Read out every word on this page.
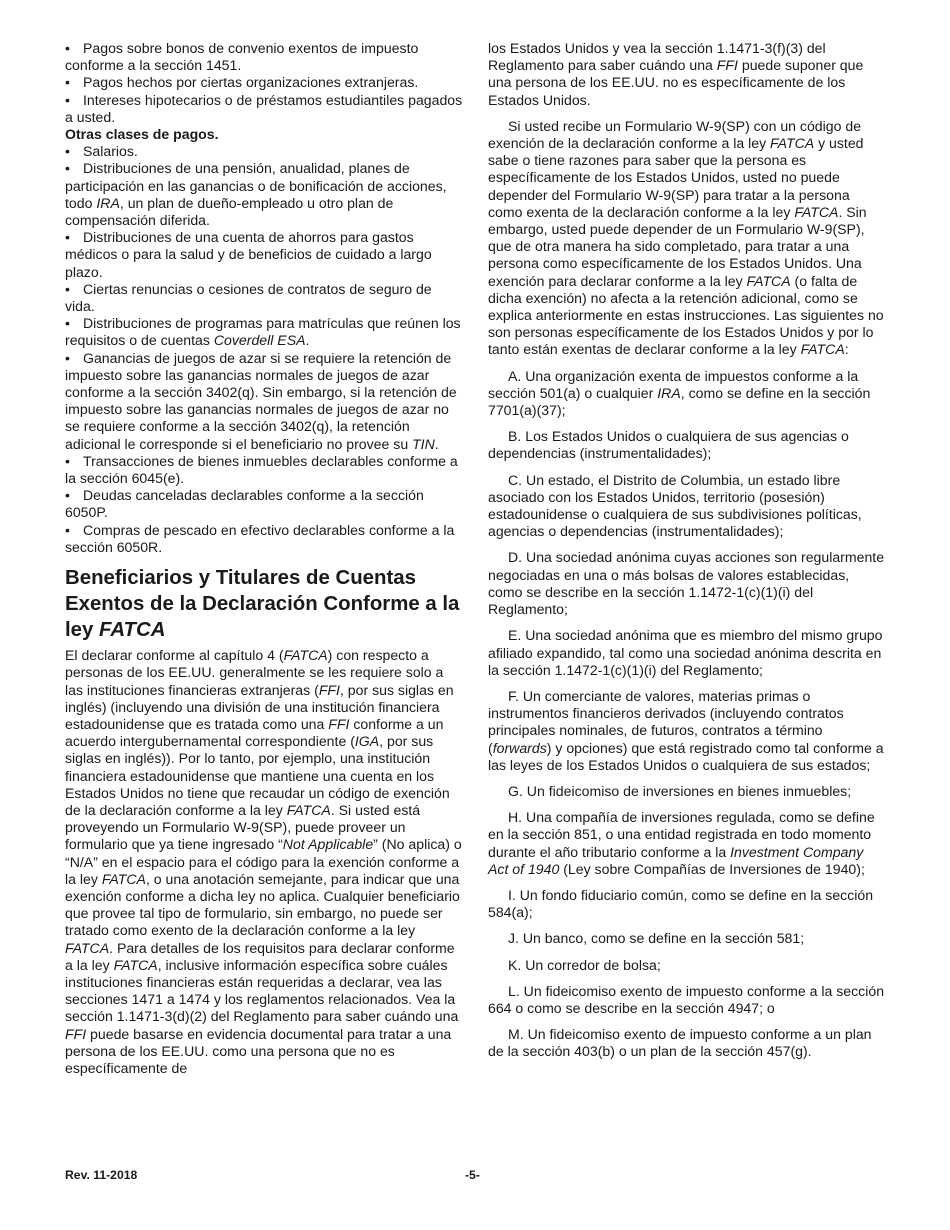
• Pagos sobre bonos de convenio exentos de impuesto conforme a la sección 1451.

• Pagos hechos por ciertas organizaciones extranjeras.

• Intereses hipotecarios o de préstamos estudiantiles pagados a usted.

Otras clases de pagos.

• Salarios.

• Distribuciones de una pensión, anualidad, planes de participación en las ganancias o de bonificación de acciones, todo IRA, un plan de dueño-empleado u otro plan de compensación diferida.

• Distribuciones de una cuenta de ahorros para gastos médicos o para la salud y de beneficios de cuidado a largo plazo.

• Ciertas renuncias o cesiones de contratos de seguro de vida.

• Distribuciones de programas para matrículas que reúnen los requisitos o de cuentas Coverdell ESA.

• Ganancias de juegos de azar si se requiere la retención de impuesto sobre las ganancias normales de juegos de azar conforme a la sección 3402(q). Sin embargo, si la retención de impuesto sobre las ganancias normales de juegos de azar no se requiere conforme a la sección 3402(q), la retención adicional le corresponde si el beneficiario no provee su TIN.

• Transacciones de bienes inmuebles declarables conforme a la sección 6045(e).

• Deudas canceladas declarables conforme a la sección 6050P.

• Compras de pescado en efectivo declarables conforme a la sección 6050R.

Beneficiarios y Titulares de Cuentas Exentos de la Declaración Conforme a la ley FATCA

El declarar conforme al capítulo 4 (FATCA) con respecto a personas de los EE.UU. generalmente se les requiere solo a las instituciones financieras extranjeras (FFI, por sus siglas en inglés) (incluyendo una división de una institución financiera estadounidense que es tratada como una FFI conforme a un acuerdo intergubernamental correspondiente (IGA, por sus siglas en inglés)). Por lo tanto, por ejemplo, una institución financiera estadounidense que mantiene una cuenta en los Estados Unidos no tiene que recaudar un código de exención de la declaración conforme a la ley FATCA. Si usted está proveyendo un Formulario W-9(SP), puede proveer un formulario que ya tiene ingresado “Not Applicable” (No aplica) o “N/A” en el espacio para el código para la exención conforme a la ley FATCA, o una anotación semejante, para indicar que una exención conforme a dicha ley no aplica. Cualquier beneficiario que provee tal tipo de formulario, sin embargo, no puede ser tratado como exento de la declaración conforme a la ley FATCA. Para detalles de los requisitos para declarar conforme a la ley FATCA, inclusive información específica sobre cuáles instituciones financieras están requeridas a declarar, vea las secciones 1471 a 1474 y los reglamentos relacionados. Vea la sección 1.1471-3(d)(2) del Reglamento para saber cuándo una FFI puede basarse en evidencia documental para tratar a una persona de los EE.UU. como una persona que no es específicamente de

los Estados Unidos y vea la sección 1.1471-3(f)(3) del Reglamento para saber cuándo una FFI puede suponer que una persona de los EE.UU. no es específicamente de los Estados Unidos.

Si usted recibe un Formulario W-9(SP) con un código de exención de la declaración conforme a la ley FATCA y usted sabe o tiene razones para saber que la persona es específicamente de los Estados Unidos, usted no puede depender del Formulario W-9(SP) para tratar a la persona como exenta de la declaración conforme a la ley FATCA. Sin embargo, usted puede depender de un Formulario W-9(SP), que de otra manera ha sido completado, para tratar a una persona como específicamente de los Estados Unidos. Una exención para declarar conforme a la ley FATCA (o falta de dicha exención) no afecta a la retención adicional, como se explica anteriormente en estas instrucciones. Las siguientes no son personas específicamente de los Estados Unidos y por lo tanto están exentas de declarar conforme a la ley FATCA:

A. Una organización exenta de impuestos conforme a la sección 501(a) o cualquier IRA, como se define en la sección 7701(a)(37);

B. Los Estados Unidos o cualquiera de sus agencias o dependencias (instrumentalidades);

C. Un estado, el Distrito de Columbia, un estado libre asociado con los Estados Unidos, territorio (posesión) estadounidense o cualquiera de sus subdivisiones políticas, agencias o dependencias (instrumentalidades);

D. Una sociedad anónima cuyas acciones son regularmente negociadas en una o más bolsas de valores establecidas, como se describe en la sección 1.1472-1(c)(1)(i) del Reglamento;

E. Una sociedad anónima que es miembro del mismo grupo afiliado expandido, tal como una sociedad anónima descrita en la sección 1.1472-1(c)(1)(i) del Reglamento;

F. Un comerciante de valores, materias primas o instrumentos financieros derivados (incluyendo contratos principales nominales, de futuros, contratos a término (forwards) y opciones) que está registrado como tal conforme a las leyes de los Estados Unidos o cualquiera de sus estados;

G. Un fideicomiso de inversiones en bienes inmuebles;

H. Una compañía de inversiones regulada, como se define en la sección 851, o una entidad registrada en todo momento durante el año tributario conforme a la Investment Company Act of 1940 (Ley sobre Compañías de Inversiones de 1940);

I. Un fondo fiduciario común, como se define en la sección 584(a);

J. Un banco, como se define en la sección 581;

K. Un corredor de bolsa;

L. Un fideicomiso exento de impuesto conforme a la sección 664 o como se describe en la sección 4947; o

M. Un fideicomiso exento de impuesto conforme a un plan de la sección 403(b) o un plan de la sección 457(g).

Rev. 11-2018	-5-
